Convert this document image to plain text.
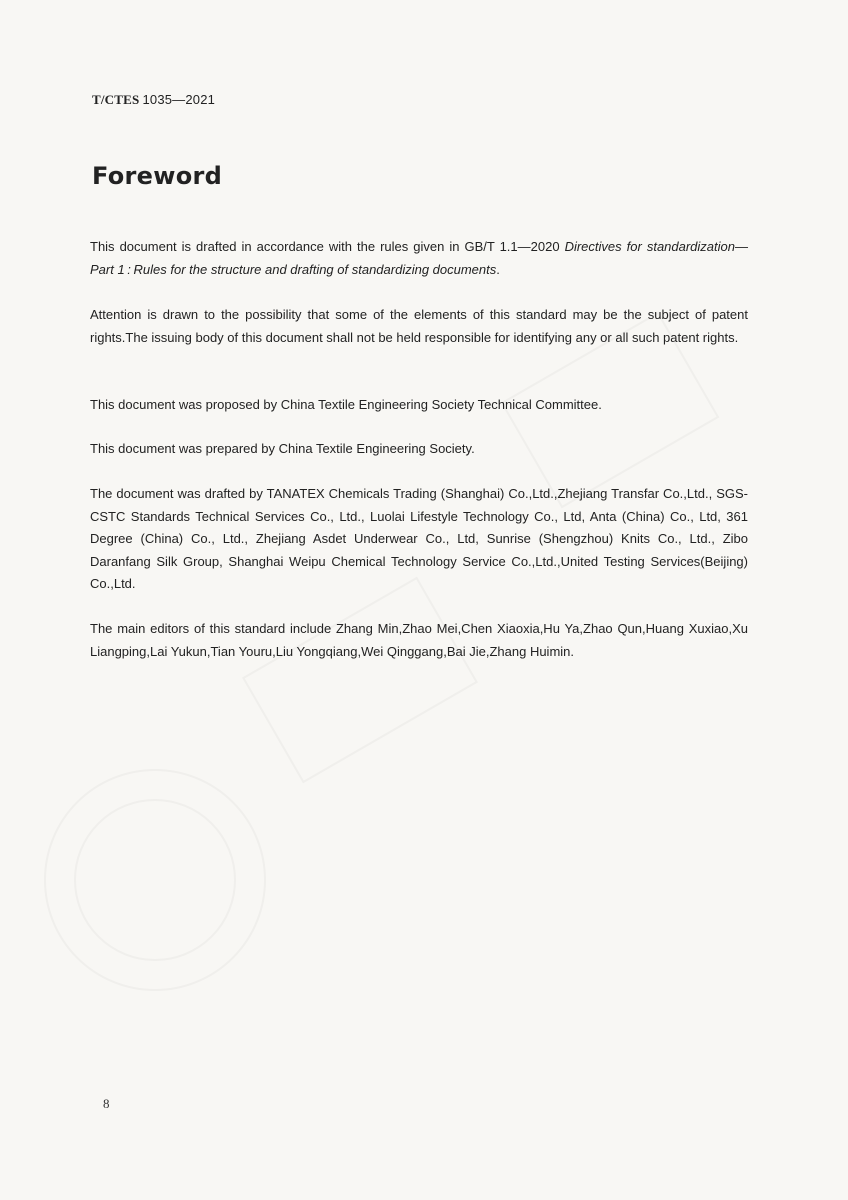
T/CTES 1035—2021
Foreword

This document is drafted in accordance with the rules given in GB/T 1.1—2020 Directives for standardization—Part 1 : Rules for the structure and drafting of standardizing documents.

Attention is drawn to the possibility that some of the elements of this standard may be the subject of patent rights.The issuing body of this document shall not be held responsible for identifying any or all such patent rights.

This document was proposed by China Textile Engineering Society Technical Committee.

This document was prepared by China Textile Engineering Society.

The document was drafted by TANATEX Chemicals Trading (Shanghai) Co.,Ltd.,Zhejiang Transfar Co.,Ltd., SGS-CSTC Standards Technical Services Co., Ltd., Luolai Lifestyle Technology Co., Ltd, Anta (China) Co., Ltd, 361 Degree (China) Co., Ltd., Zhejiang Asdet Underwear Co., Ltd, Sunrise (Shengzhou) Knits Co., Ltd., Zibo Daranfang Silk Group, Shanghai Weipu Chemical Technology Service Co.,Ltd.,United Testing Services(Beijing) Co.,Ltd.

The main editors of this standard include Zhang Min,Zhao Mei,Chen Xiaoxia,Hu Ya,Zhao Qun,Huang Xuxiao,Xu Liangping,Lai Yukun,Tian Youru,Liu Yongqiang,Wei Qinggang,Bai Jie,Zhang Huimin.

8
